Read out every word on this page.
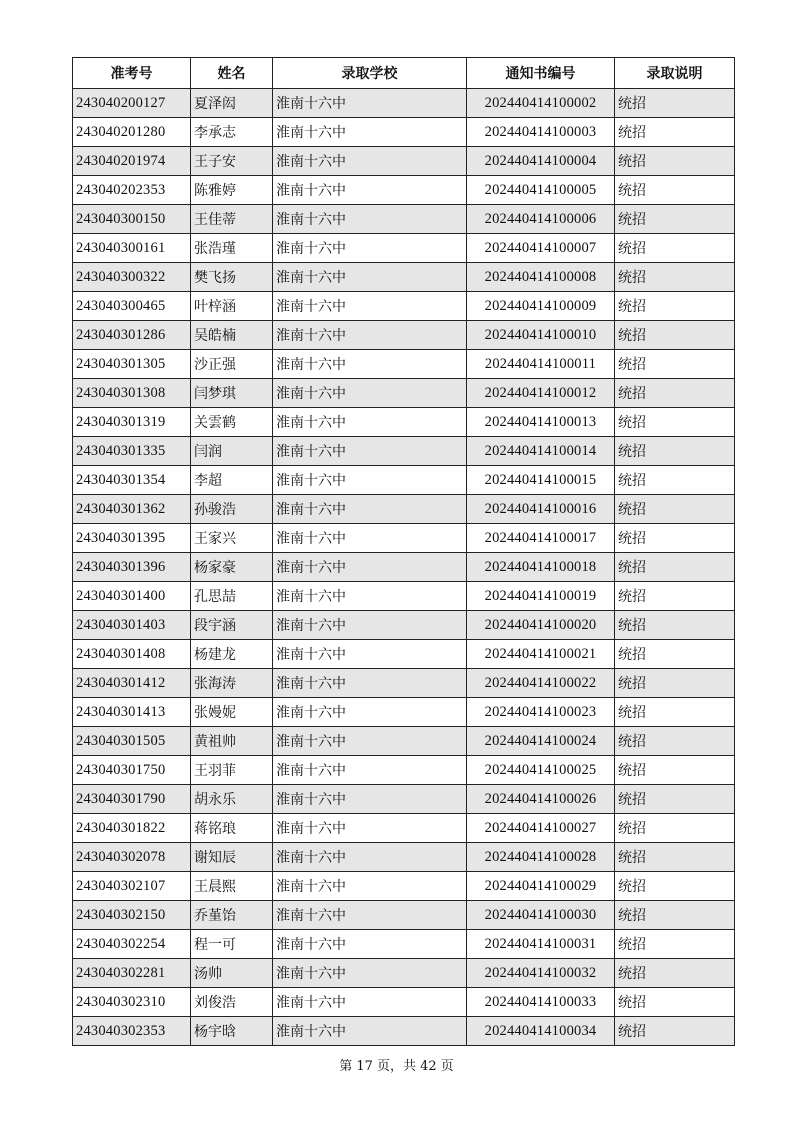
准考号	姓名	录取学校	通知书编号	录取说明
243040200127	夏泽闳	淮南十六中	202440414100002	统招
243040201280	李承志	淮南十六中	202440414100003	统招
243040201974	王子安	淮南十六中	202440414100004	统招
243040202353	陈雅婷	淮南十六中	202440414100005	统招
243040300150	王佳蒂	淮南十六中	202440414100006	统招
243040300161	张浩瑾	淮南十六中	202440414100007	统招
243040300322	樊飞扬	淮南十六中	202440414100008	统招
243040300465	叶梓涵	淮南十六中	202440414100009	统招
243040301286	吴皓楠	淮南十六中	202440414100010	统招
243040301305	沙正强	淮南十六中	202440414100011	统招
243040301308	闫梦琪	淮南十六中	202440414100012	统招
243040301319	关雲鹤	淮南十六中	202440414100013	统招
243040301335	闫润	淮南十六中	202440414100014	统招
243040301354	李超	淮南十六中	202440414100015	统招
243040301362	孙骏浩	淮南十六中	202440414100016	统招
243040301395	王家兴	淮南十六中	202440414100017	统招
243040301396	杨家豪	淮南十六中	202440414100018	统招
243040301400	孔思喆	淮南十六中	202440414100019	统招
243040301403	段宇涵	淮南十六中	202440414100020	统招
243040301408	杨建龙	淮南十六中	202440414100021	统招
243040301412	张海涛	淮南十六中	202440414100022	统招
243040301413	张嫚妮	淮南十六中	202440414100023	统招
243040301505	黄祖帅	淮南十六中	202440414100024	统招
243040301750	王羽菲	淮南十六中	202440414100025	统招
243040301790	胡永乐	淮南十六中	202440414100026	统招
243040301822	蒋铭琅	淮南十六中	202440414100027	统招
243040302078	谢知辰	淮南十六中	202440414100028	统招
243040302107	王晨熙	淮南十六中	202440414100029	统招
243040302150	乔堇饴	淮南十六中	202440414100030	统招
243040302254	程一可	淮南十六中	202440414100031	统招
243040302281	汤帅	淮南十六中	202440414100032	统招
243040302310	刘俊浩	淮南十六中	202440414100033	统招
243040302353	杨宇晗	淮南十六中	202440414100034	统招
第 17 页，共 42 页
